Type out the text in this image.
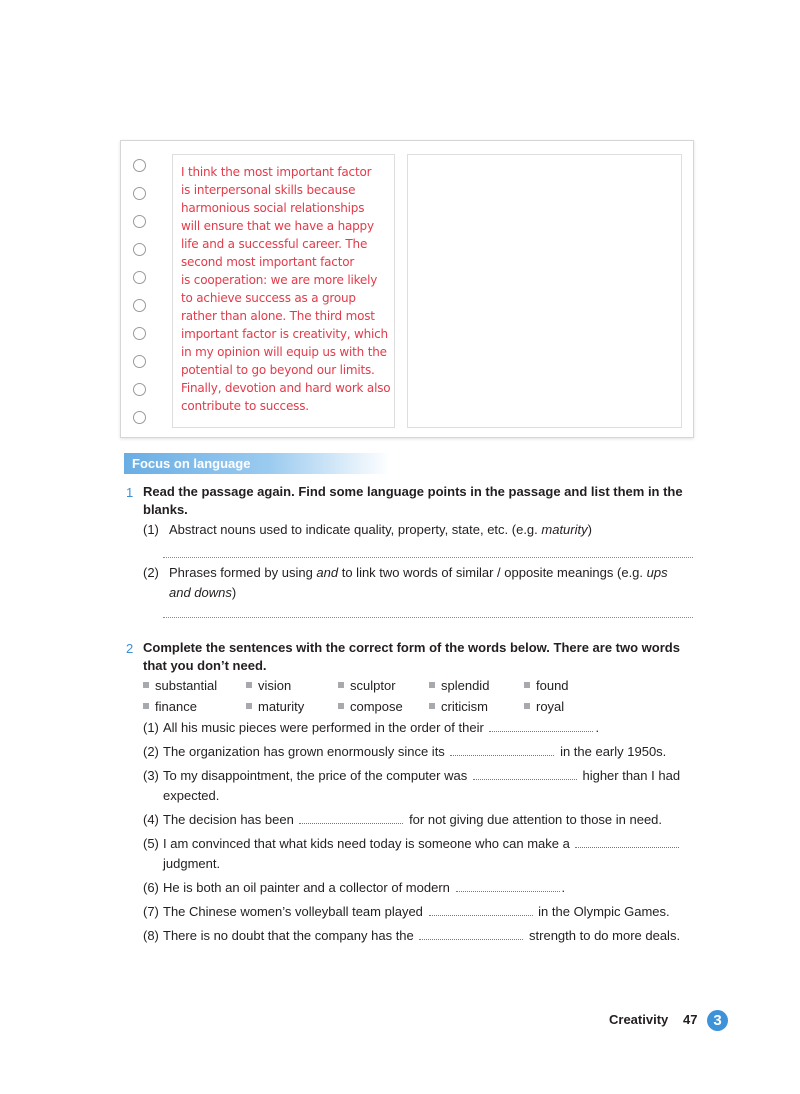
I think the most important factor
is interpersonal skills because
harmonious social relationships
will ensure that we have a happy
life and a successful career. The
second most important factor
is cooperation: we are more likely
to achieve success as a group
rather than alone. The third most
important factor is creativity, which
in my opinion will equip us with the
potential to go beyond our limits.
Finally, devotion and hard work also
contribute to success.
Focus on language
1 Read the passage again. Find some language points in the passage and list them in the blanks.
(1) Abstract nouns used to indicate quality, property, state, etc. (e.g. maturity)
(2) Phrases formed by using and to link two words of similar / opposite meanings (e.g. ups and downs)
2 Complete the sentences with the correct form of the words below. There are two words that you don’t need.
substantial	vision	sculptor	splendid	found
finance	maturity	compose	criticism	royal
(1) All his music pieces were performed in the order of their	.
(2) The organization has grown enormously since its	in the early 1950s.
(3) To my disappointment, the price of the computer was	higher than I had expected.
(4) The decision has been	for not giving due attention to those in need.
(5) I am convinced that what kids need today is someone who can make a  judgment.
(6) He is both an oil painter and a collector of modern	.
(7) The Chinese women’s volleyball team played	in the Olympic Games.
(8) There is no doubt that the company has the	strength to do more deals.
Creativity 47	3
